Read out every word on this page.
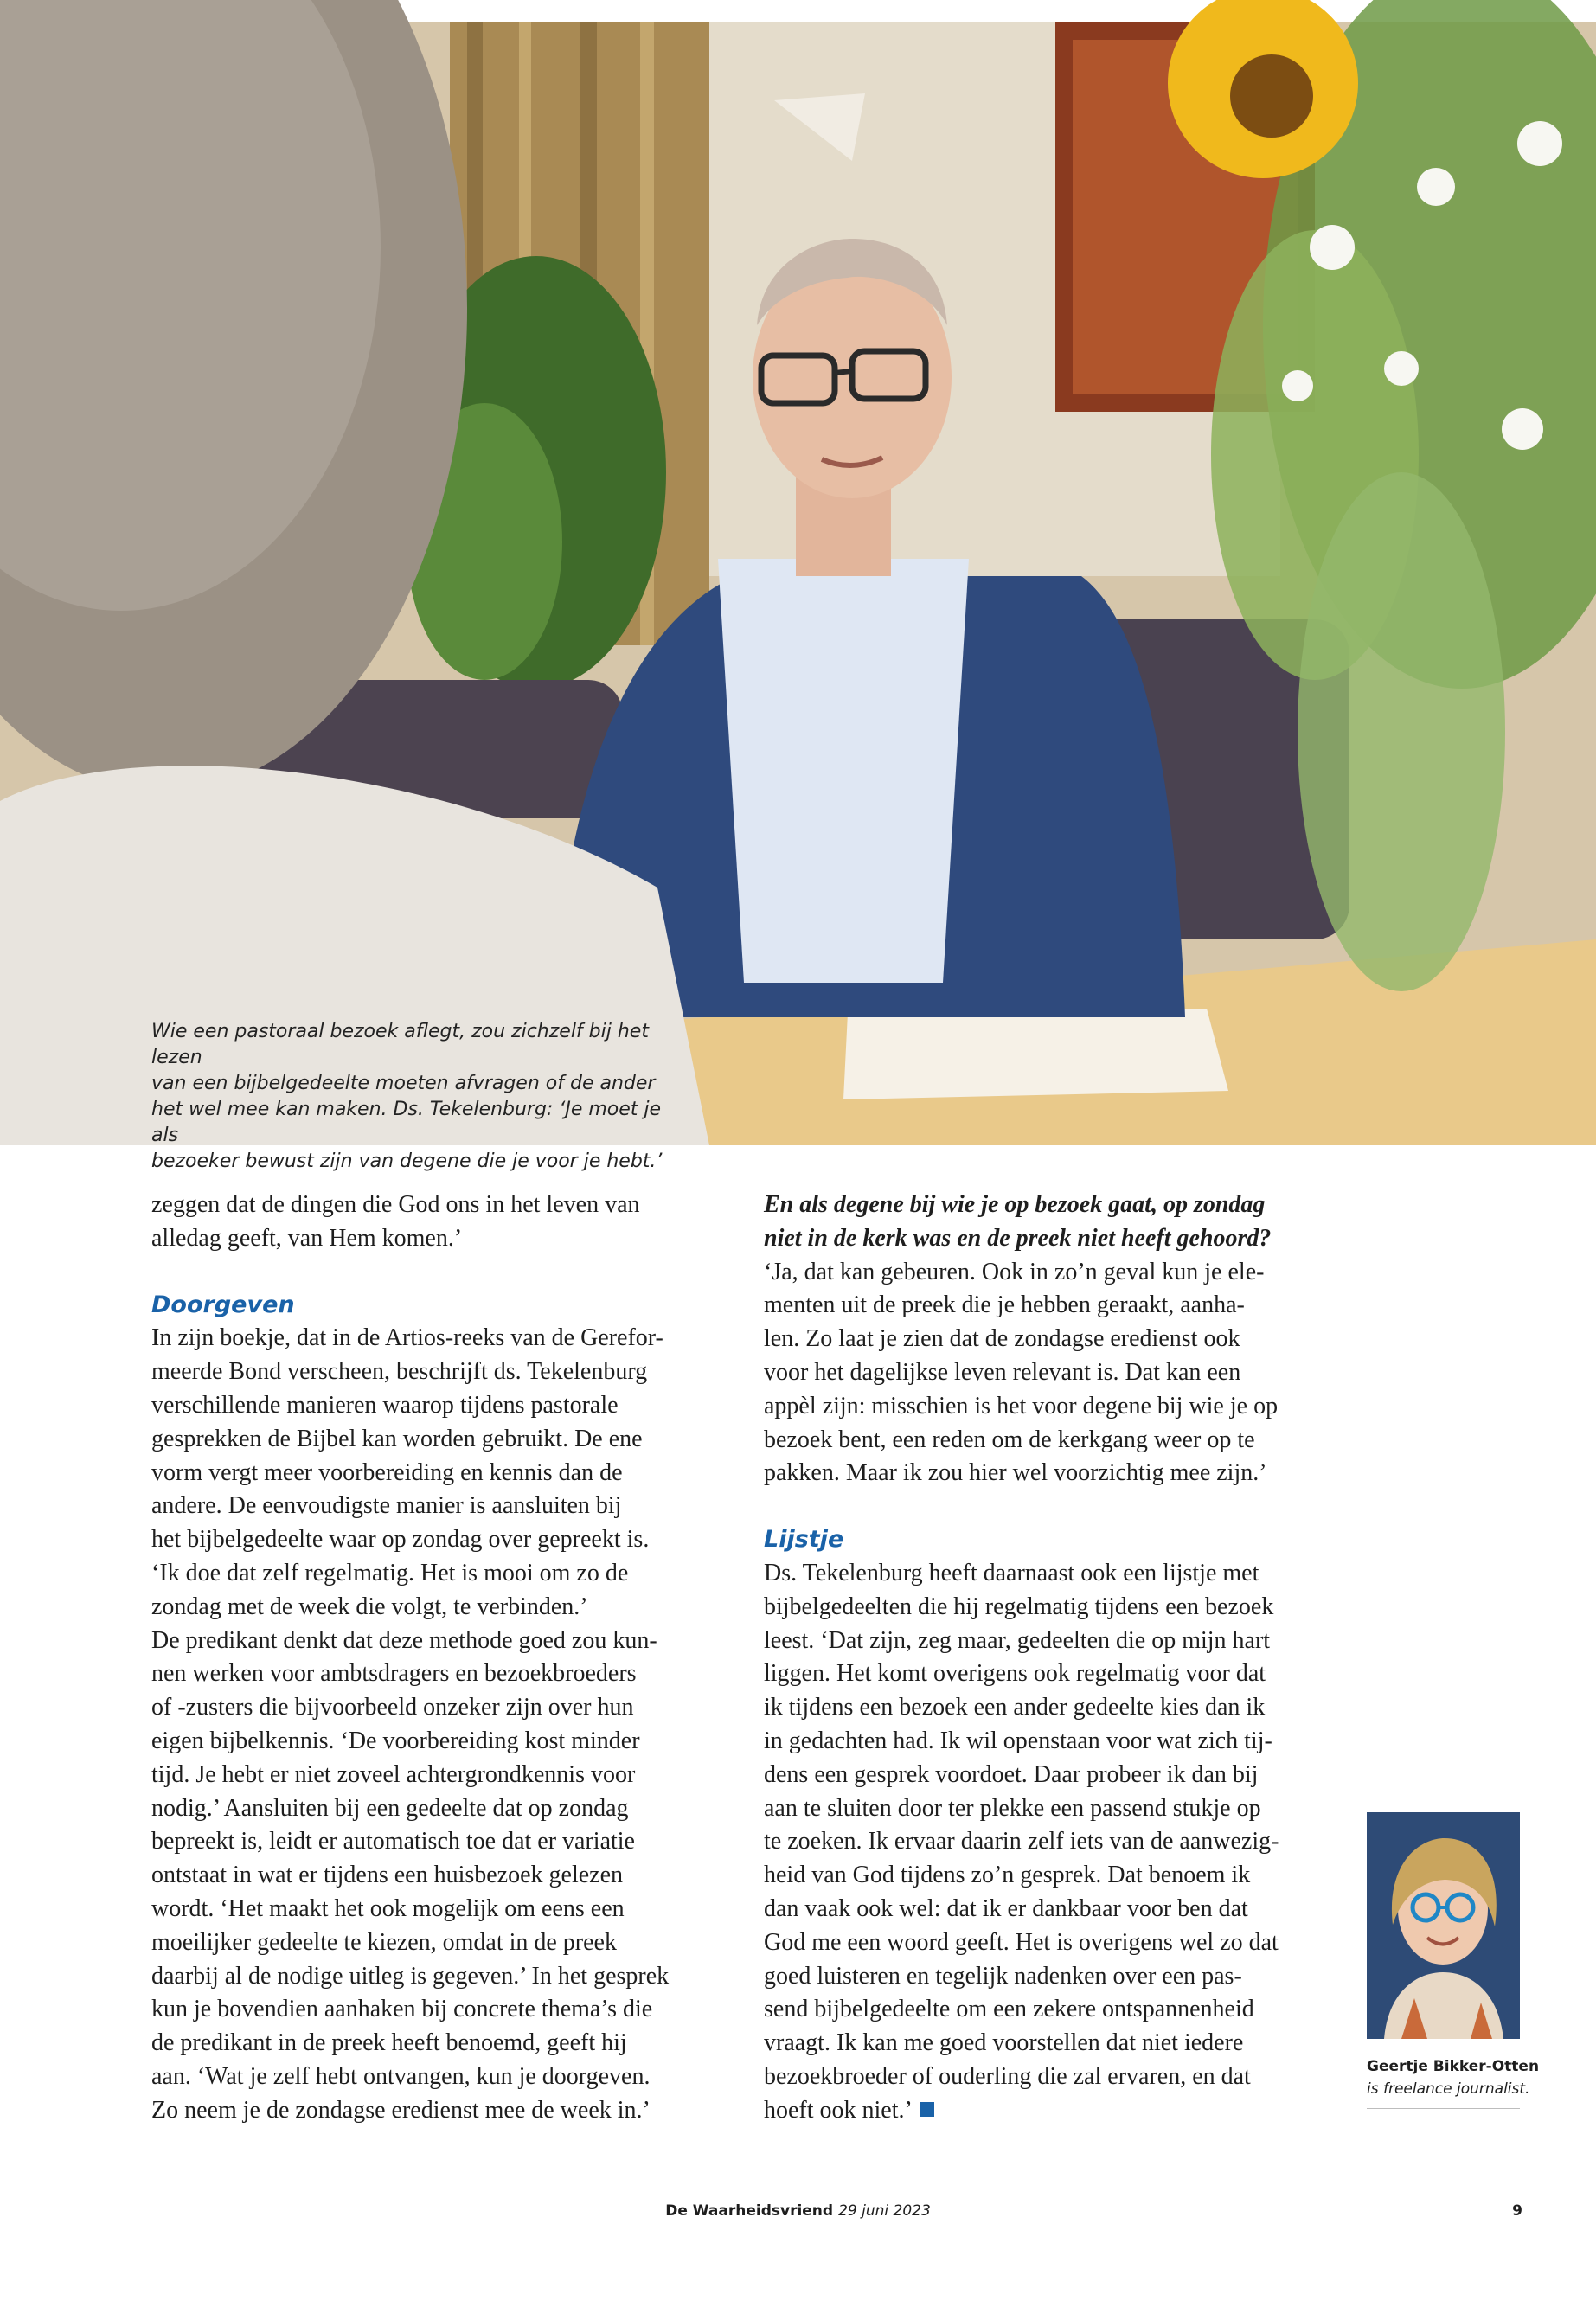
Wie een pastoraal bezoek aflegt, zou zichzelf bij het lezen

van een bijbelgedeelte moeten afvragen of de ander

het wel mee kan maken. Ds. Tekelenburg: ‘Je moet je als

bezoeker bewust zijn van degene die je voor je hebt.’

zeggen dat de dingen die God ons in het leven van

alledag geeft, van Hem komen.’

Doorgeven

In zijn boekje, dat in de Artios-reeks van de Gerefor-

meerde Bond verscheen, beschrijft ds. Tekelenburg

verschillende manieren waarop tijdens pastorale

gesprekken de Bijbel kan worden gebruikt. De ene

vorm vergt meer voorbereiding en kennis dan de

andere. De eenvoudigste manier is aansluiten bij

het bijbelgedeelte waar op zondag over gepreekt is.

‘Ik doe dat zelf regelmatig. Het is mooi om zo de

zondag met de week die volgt, te verbinden.’

De predikant denkt dat deze methode goed zou kun-

nen werken voor ambtsdragers en bezoekbroeders

of -zusters die bijvoorbeeld onzeker zijn over hun

eigen bijbelkennis. ‘De voorbereiding kost minder

tijd. Je hebt er niet zoveel achtergrondkennis voor

nodig.’ Aansluiten bij een gedeelte dat op zondag

bepreekt is, leidt er automatisch toe dat er variatie

ontstaat in wat er tijdens een huisbezoek gelezen

wordt. ‘Het maakt het ook mogelijk om eens een

moeilijker gedeelte te kiezen, omdat in de preek

daarbij al de nodige uitleg is gegeven.’ In het gesprek

kun je bovendien aanhaken bij concrete thema’s die

de predikant in de preek heeft benoemd, geeft hij

aan. ‘Wat je zelf hebt ontvangen, kun je doorgeven.

Zo neem je de zondagse eredienst mee de week in.’

En als degene bij wie je op bezoek gaat, op zondag

niet in de kerk was en de preek niet heeft gehoord?

‘Ja, dat kan gebeuren. Ook in zo’n geval kun je ele-

menten uit de preek die je hebben geraakt, aanha-

len. Zo laat je zien dat de zondagse eredienst ook

voor het dagelijkse leven relevant is. Dat kan een

appèl zijn: misschien is het voor degene bij wie je op

bezoek bent, een reden om de kerkgang weer op te

pakken. Maar ik zou hier wel voorzichtig mee zijn.’

Lijstje

Ds. Tekelenburg heeft daarnaast ook een lijstje met

bijbelgedeelten die hij regelmatig tijdens een bezoek

leest. ‘Dat zijn, zeg maar, gedeelten die op mijn hart

liggen. Het komt overigens ook regelmatig voor dat

ik tijdens een bezoek een ander gedeelte kies dan ik

in gedachten had. Ik wil openstaan voor wat zich tij-

dens een gesprek voordoet. Daar probeer ik dan bij

aan te sluiten door ter plekke een passend stukje op

te zoeken. Ik ervaar daarin zelf iets van de aanwezig-

heid van God tijdens zo’n gesprek. Dat benoem ik

dan vaak ook wel: dat ik er dankbaar voor ben dat

God me een woord geeft. Het is overigens wel zo dat

goed luisteren en tegelijk nadenken over een pas-

send bijbelgedeelte om een zekere ontspannenheid

vraagt. Ik kan me goed voorstellen dat niet iedere

bezoekbroeder of ouderling die zal ervaren, en dat

hoeft ook niet.’

Geertje Bikker-Otten
is freelance journalist.
De Waarheidsvriend 29 juni 2023	9
